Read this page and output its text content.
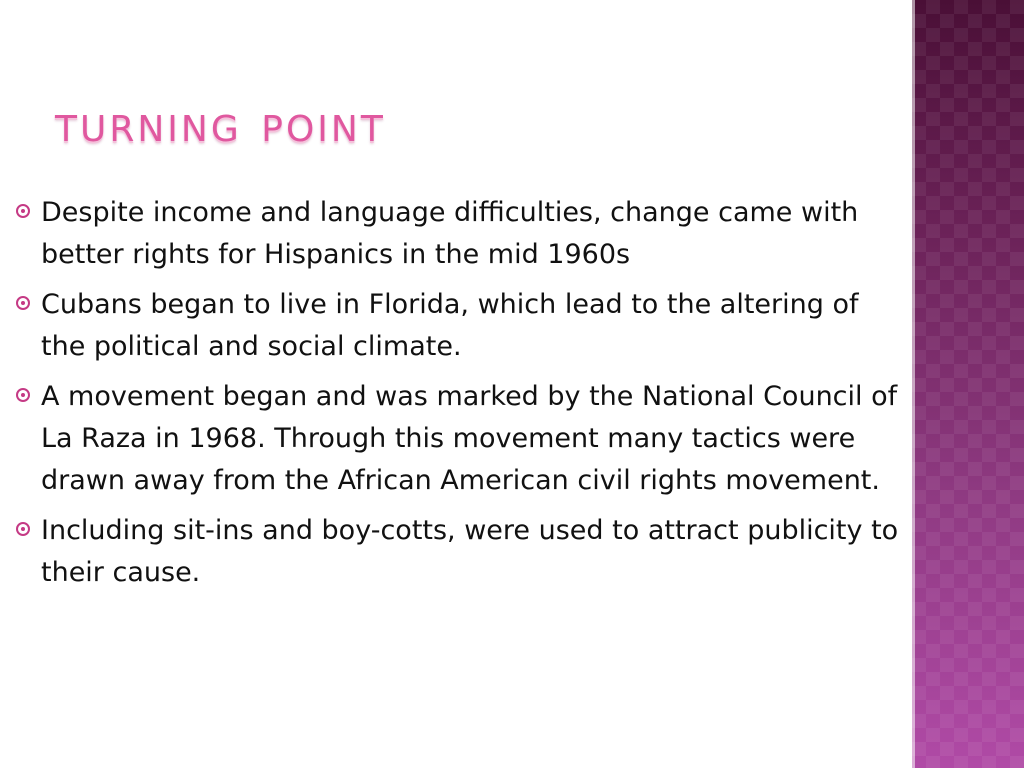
turning point
Despite income and language difficulties, change came with better rights for Hispanics in the mid 1960s
Cubans began to live in Florida, which lead to the altering of the political and social climate.
A movement began and was marked by the National Council of La Raza in 1968. Through this movement many tactics were drawn away from the African American civil rights movement.
Including sit-ins and boy-cotts, were used to attract publicity to their cause.
